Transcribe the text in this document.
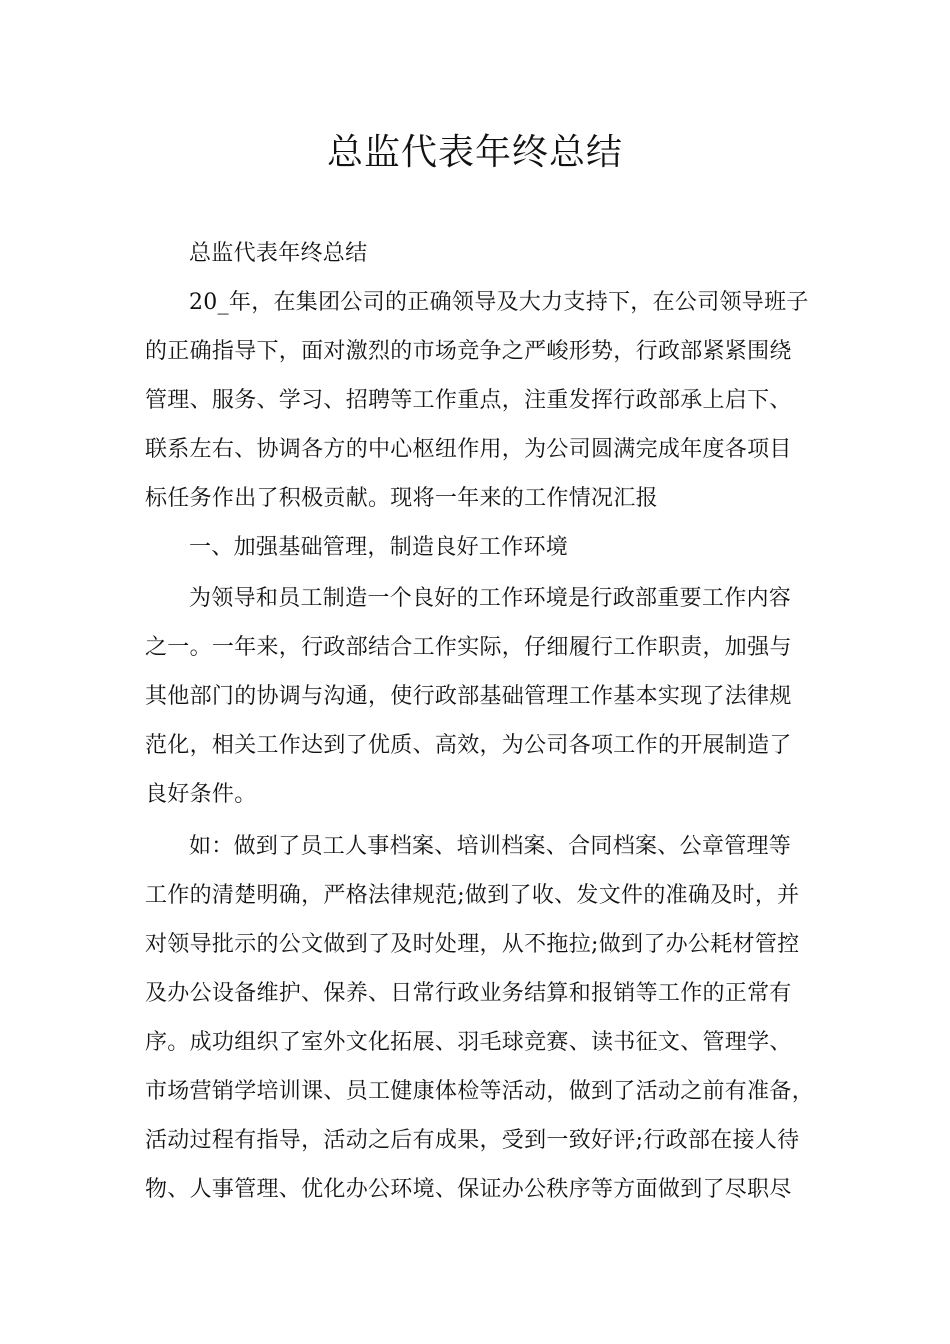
总监代表年终总结
总监代表年终总结
20_年，在集团公司的正确领导及大力支持下，在公司领导班子
的正确指导下，面对激烈的市场竞争之严峻形势，行政部紧紧围绕
管理、服务、学习、招聘等工作重点，注重发挥行政部承上启下、
联系左右、协调各方的中心枢纽作用，为公司圆满完成年度各项目
标任务作出了积极贡献。现将一年来的工作情况汇报
一、加强基础管理，制造良好工作环境
为领导和员工制造一个良好的工作环境是行政部重要工作内容
之一。一年来，行政部结合工作实际，仔细履行工作职责，加强与
其他部门的协调与沟通，使行政部基础管理工作基本实现了法律规
范化，相关工作达到了优质、高效，为公司各项工作的开展制造了
良好条件。
如：做到了员工人事档案、培训档案、合同档案、公章管理等
工作的清楚明确，严格法律规范;做到了收、发文件的准确及时，并
对领导批示的公文做到了及时处理，从不拖拉;做到了办公耗材管控
及办公设备维护、保养、日常行政业务结算和报销等工作的正常有
序。成功组织了室外文化拓展、羽毛球竞赛、读书征文、管理学、
市场营销学培训课、员工健康体检等活动，做到了活动之前有准备，
活动过程有指导，活动之后有成果，受到一致好评;行政部在接人待
物、人事管理、优化办公环境、保证办公秩序等方面做到了尽职尽
